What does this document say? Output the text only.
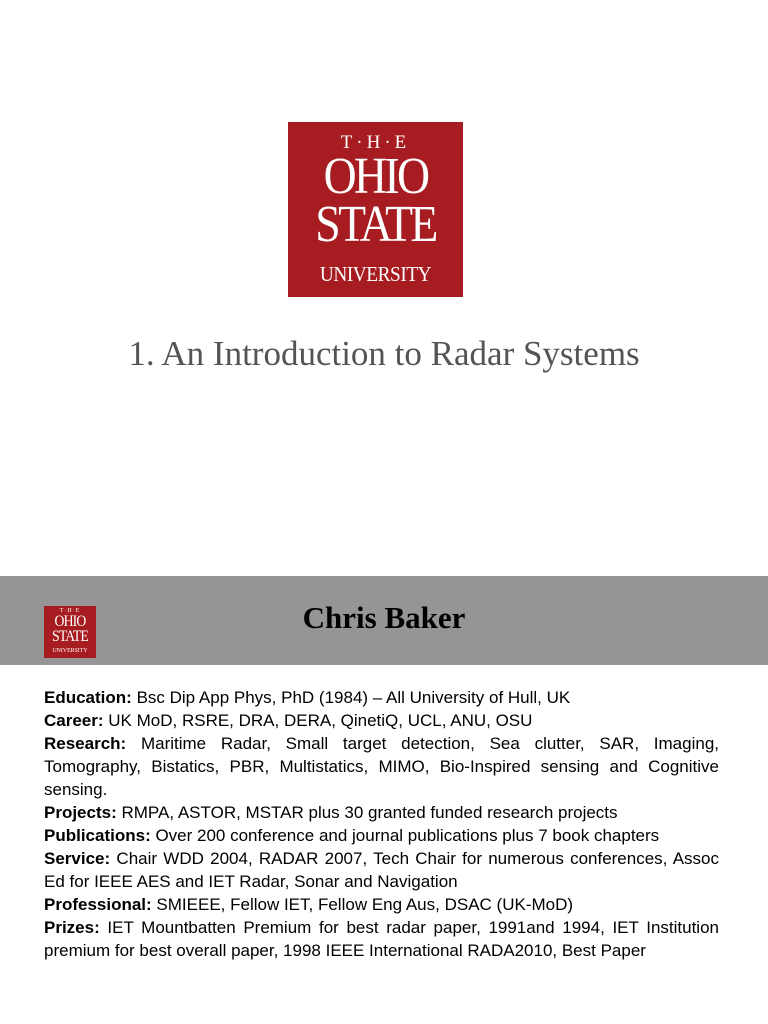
T·H·E
OHIO
STATE
UNIVERSITY
1. An Introduction to Radar Systems
T·H·E
OHIO
STATE
UNIVERSITY
Chris Baker

Education: Bsc Dip App Phys, PhD (1984) – All University of Hull, UK

Career: UK MoD, RSRE, DRA, DERA, QinetiQ, UCL, ANU, OSU

Research: Maritime Radar, Small target detection, Sea clutter, SAR, Imaging, Tomography, Bistatics, PBR, Multistatics, MIMO, Bio-Inspired sensing and Cognitive sensing.

Projects: RMPA, ASTOR, MSTAR plus 30 granted funded research projects

Publications: Over 200 conference and journal publications plus 7 book chapters

Service: Chair WDD 2004, RADAR 2007, Tech Chair for numerous conferences, Assoc Ed for IEEE AES and IET Radar, Sonar and Navigation

Professional: SMIEEE, Fellow IET, Fellow Eng Aus, DSAC (UK-MoD)

Prizes: IET Mountbatten Premium for best radar paper, 1991and 1994, IET Institution premium for best overall paper, 1998 IEEE International RADA2010, Best Paper
